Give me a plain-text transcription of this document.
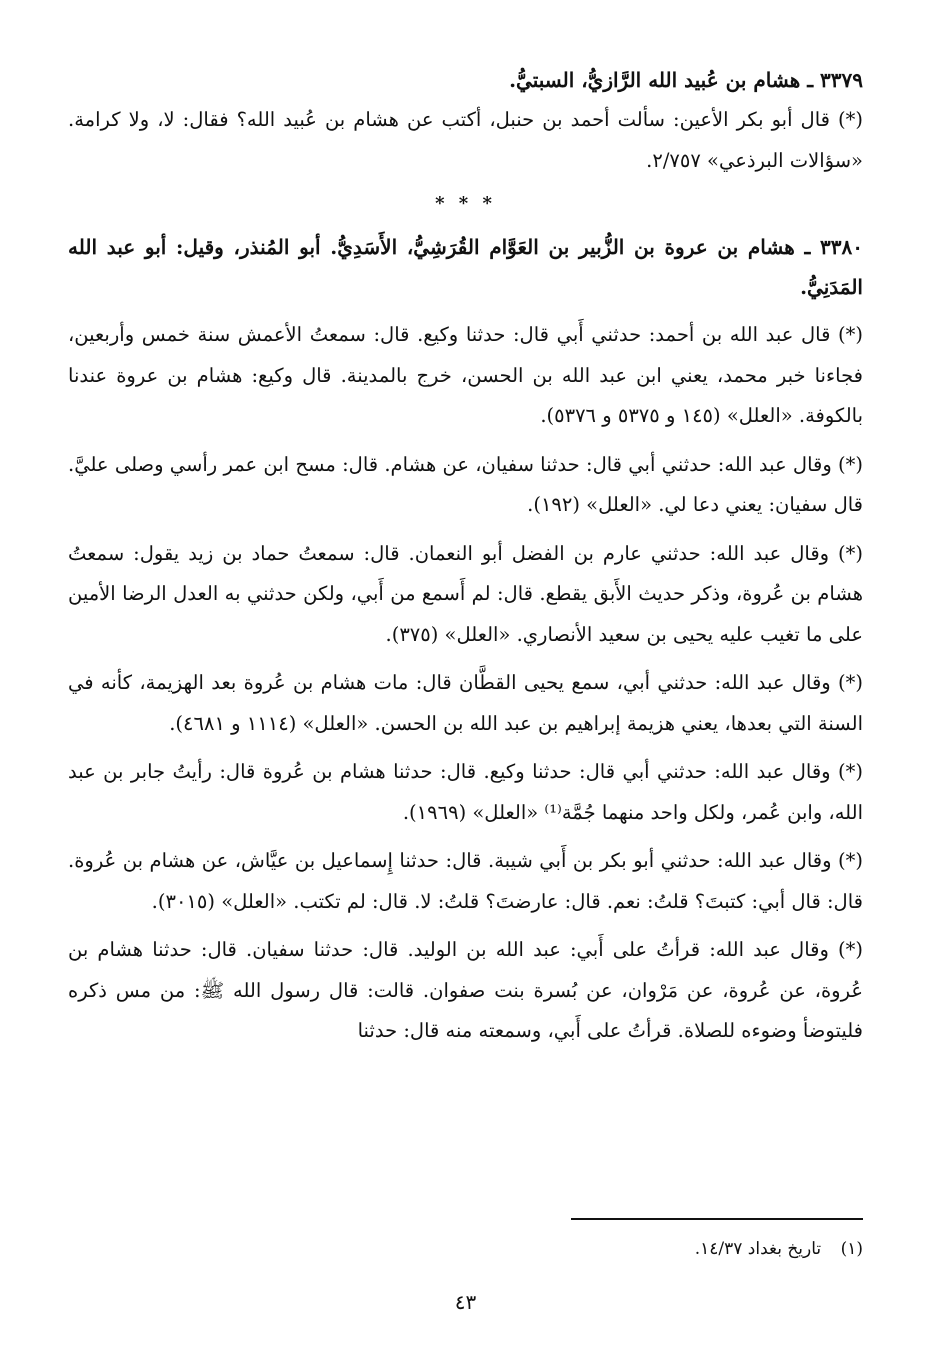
٣٣٧٩ ـ هشام بن عُبيد الله الرَّازيُّ، السبتيُّ.
(*) قال أبو بكر الأعين: سألت أحمد بن حنبل، أكتب عن هشام بن عُبيد الله؟ فقال: لا، ولا كرامة. «سؤالات البرذعي» ٢/٧٥٧.
* * *
٣٣٨٠ ـ هشام بن عروة بن الزُّبير بن العَوَّام القُرَشِيُّ، الأَسَدِيُّ. أبو المُنذر، وقيل: أبو عبد الله المَدَنِيُّ.
(*) قال عبد الله بن أحمد: حدثني أَبي قال: حدثنا وكيع. قال: سمعتُ الأعمش سنة خمس وأربعين، فجاءنا خبر محمد، يعني ابن عبد الله بن الحسن، خرج بالمدينة. قال وكيع: هشام بن عروة عندنا بالكوفة. «العلل» (١٤٥ و ٥٣٧٥ و ٥٣٧٦).
(*) وقال عبد الله: حدثني أبي قال: حدثنا سفيان، عن هشام. قال: مسح ابن عمر رأسي وصلى عليَّ. قال سفيان: يعني دعا لي. «العلل» (١٩٢).
(*) وقال عبد الله: حدثني عارم بن الفضل أبو النعمان. قال: سمعتُ حماد بن زيد يقول: سمعتُ هشام بن عُروة، وذكر حديث الأَبق يقطع. قال: لم أَسمع من أَبي، ولكن حدثني به العدل الرضا الأمين على ما تغيب عليه يحيى بن سعيد الأنصاري. «العلل» (٣٧٥).
(*) وقال عبد الله: حدثني أبي، سمع يحيى القطَّان قال: مات هشام بن عُروة بعد الهزيمة، كأنه في السنة التي بعدها، يعني هزيمة إبراهيم بن عبد الله بن الحسن. «العلل» (١١١٤ و ٤٦٨١).
(*) وقال عبد الله: حدثني أبي قال: حدثنا وكيع. قال: حدثنا هشام بن عُروة قال: رأيتُ جابر بن عبد الله، وابن عُمر، ولكل واحد منهما جُمَّة⁽¹⁾ «العلل» (١٩٦٩).
(*) وقال عبد الله: حدثني أبو بكر بن أَبي شيبة. قال: حدثنا إِسماعيل بن عيَّاش، عن هشام بن عُروة. قال: قال أبي: كتبتَ؟ قلتُ: نعم. قال: عارضتَ؟ قلتُ: لا. قال: لم تكتب. «العلل» (٣٠١٥).
(*) وقال عبد الله: قرأتُ على أَبي: عبد الله بن الوليد. قال: حدثنا سفيان. قال: حدثنا هشام بن عُروة، عن عُروة، عن مَرْوان، عن بُسرة بنت صفوان. قالت: قال رسول الله ﷺ: من مس ذكره فليتوضأ وضوءه للصلاة. قرأتُ على أَبي، وسمعته منه قال: حدثنا
(١) تاريخ بغداد ١٤/٣٧.
٤٣
